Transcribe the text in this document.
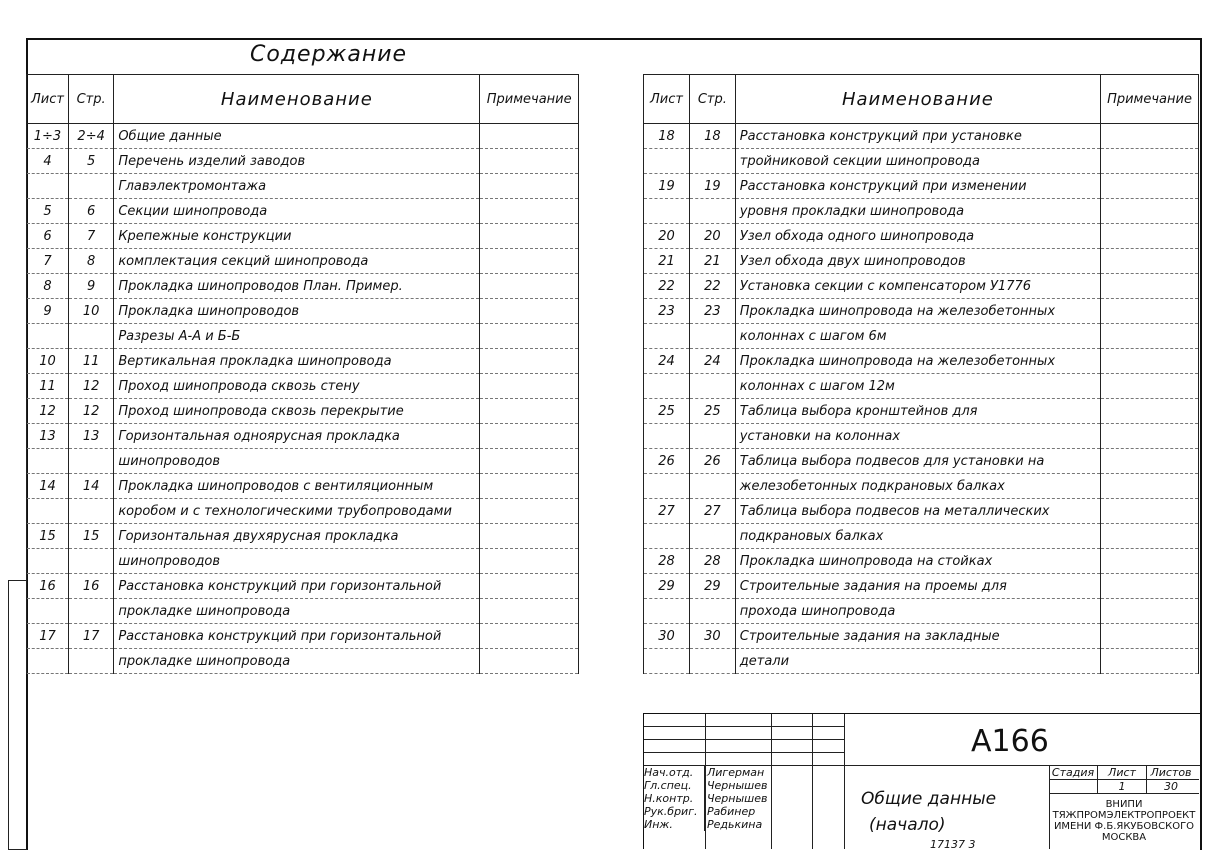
Содержание
Лист	Стр.	Наименование	Примечание
1÷3	2÷4	Общие данные	
4	5	Перечень изделий заводов	
		Главэлектромонтажа	
5	6	Секции шинопровода	
6	7	Крепежные конструкции	
7	8	комплектация секций шинопровода	
8	9	Прокладка шинопроводов План. Пример.	
9	10	Прокладка шинопроводов	
		Разрезы А-А и Б-Б	
10	11	Вертикальная прокладка шинопровода	
11	12	Проход шинопровода сквозь стену	
12	12	Проход шинопровода сквозь перекрытие	
13	13	Горизонтальная одноярусная прокладка	
		шинопроводов	
14	14	Прокладка шинопроводов с вентиляционным	
		коробом и с технологическими трубопроводами	
15	15	Горизонтальная двухярусная прокладка	
		шинопроводов	
16	16	Расстановка конструкций при горизонтальной	
		прокладке шинопровода	
17	17	Расстановка конструкций при горизонтальной	
		прокладке шинопровода	
Лист	Стр.	Наименование	Примечание
18	18	Расстановка конструкций при установке	
		тройниковой секции шинопровода	
19	19	Расстановка конструкций при изменении	
		уровня прокладки шинопровода	
20	20	Узел обхода одного шинопровода	
21	21	Узел обхода двух шинопроводов	
22	22	Установка секции с компенсатором У1776	
23	23	Прокладка шинопровода на железобетонных	
		колоннах с шагом 6м	
24	24	Прокладка шинопровода на железобетонных	
		колоннах с шагом 12м	
25	25	Таблица выбора кронштейнов для	
		установки на колоннах	
26	26	Таблица выбора подвесов для установки на	
		железобетонных подкрановых балках	
27	27	Таблица выбора подвесов на металлических	
		подкрановых балках	
28	28	Прокладка шинопровода на стойках	
29	29	Строительные задания на проемы для	
		прохода шинопровода	
30	30	Строительные задания на закладные	
		детали	
А166
Нач.отд. Лигерман
Гл.спец. Чернышев
Н.контр. Чернышев
Рук.бриг. Рабинер
Инж.	Редькина
Общие данные
(начало)
Стадия Лист Листов
1	30
ВНИПИ
ТЯЖПРОМЭЛЕКТРОПРОЕКТ
ИМЕНИ Ф.Б.ЯКУБОВСКОГО
МОСКВА
17137 3
